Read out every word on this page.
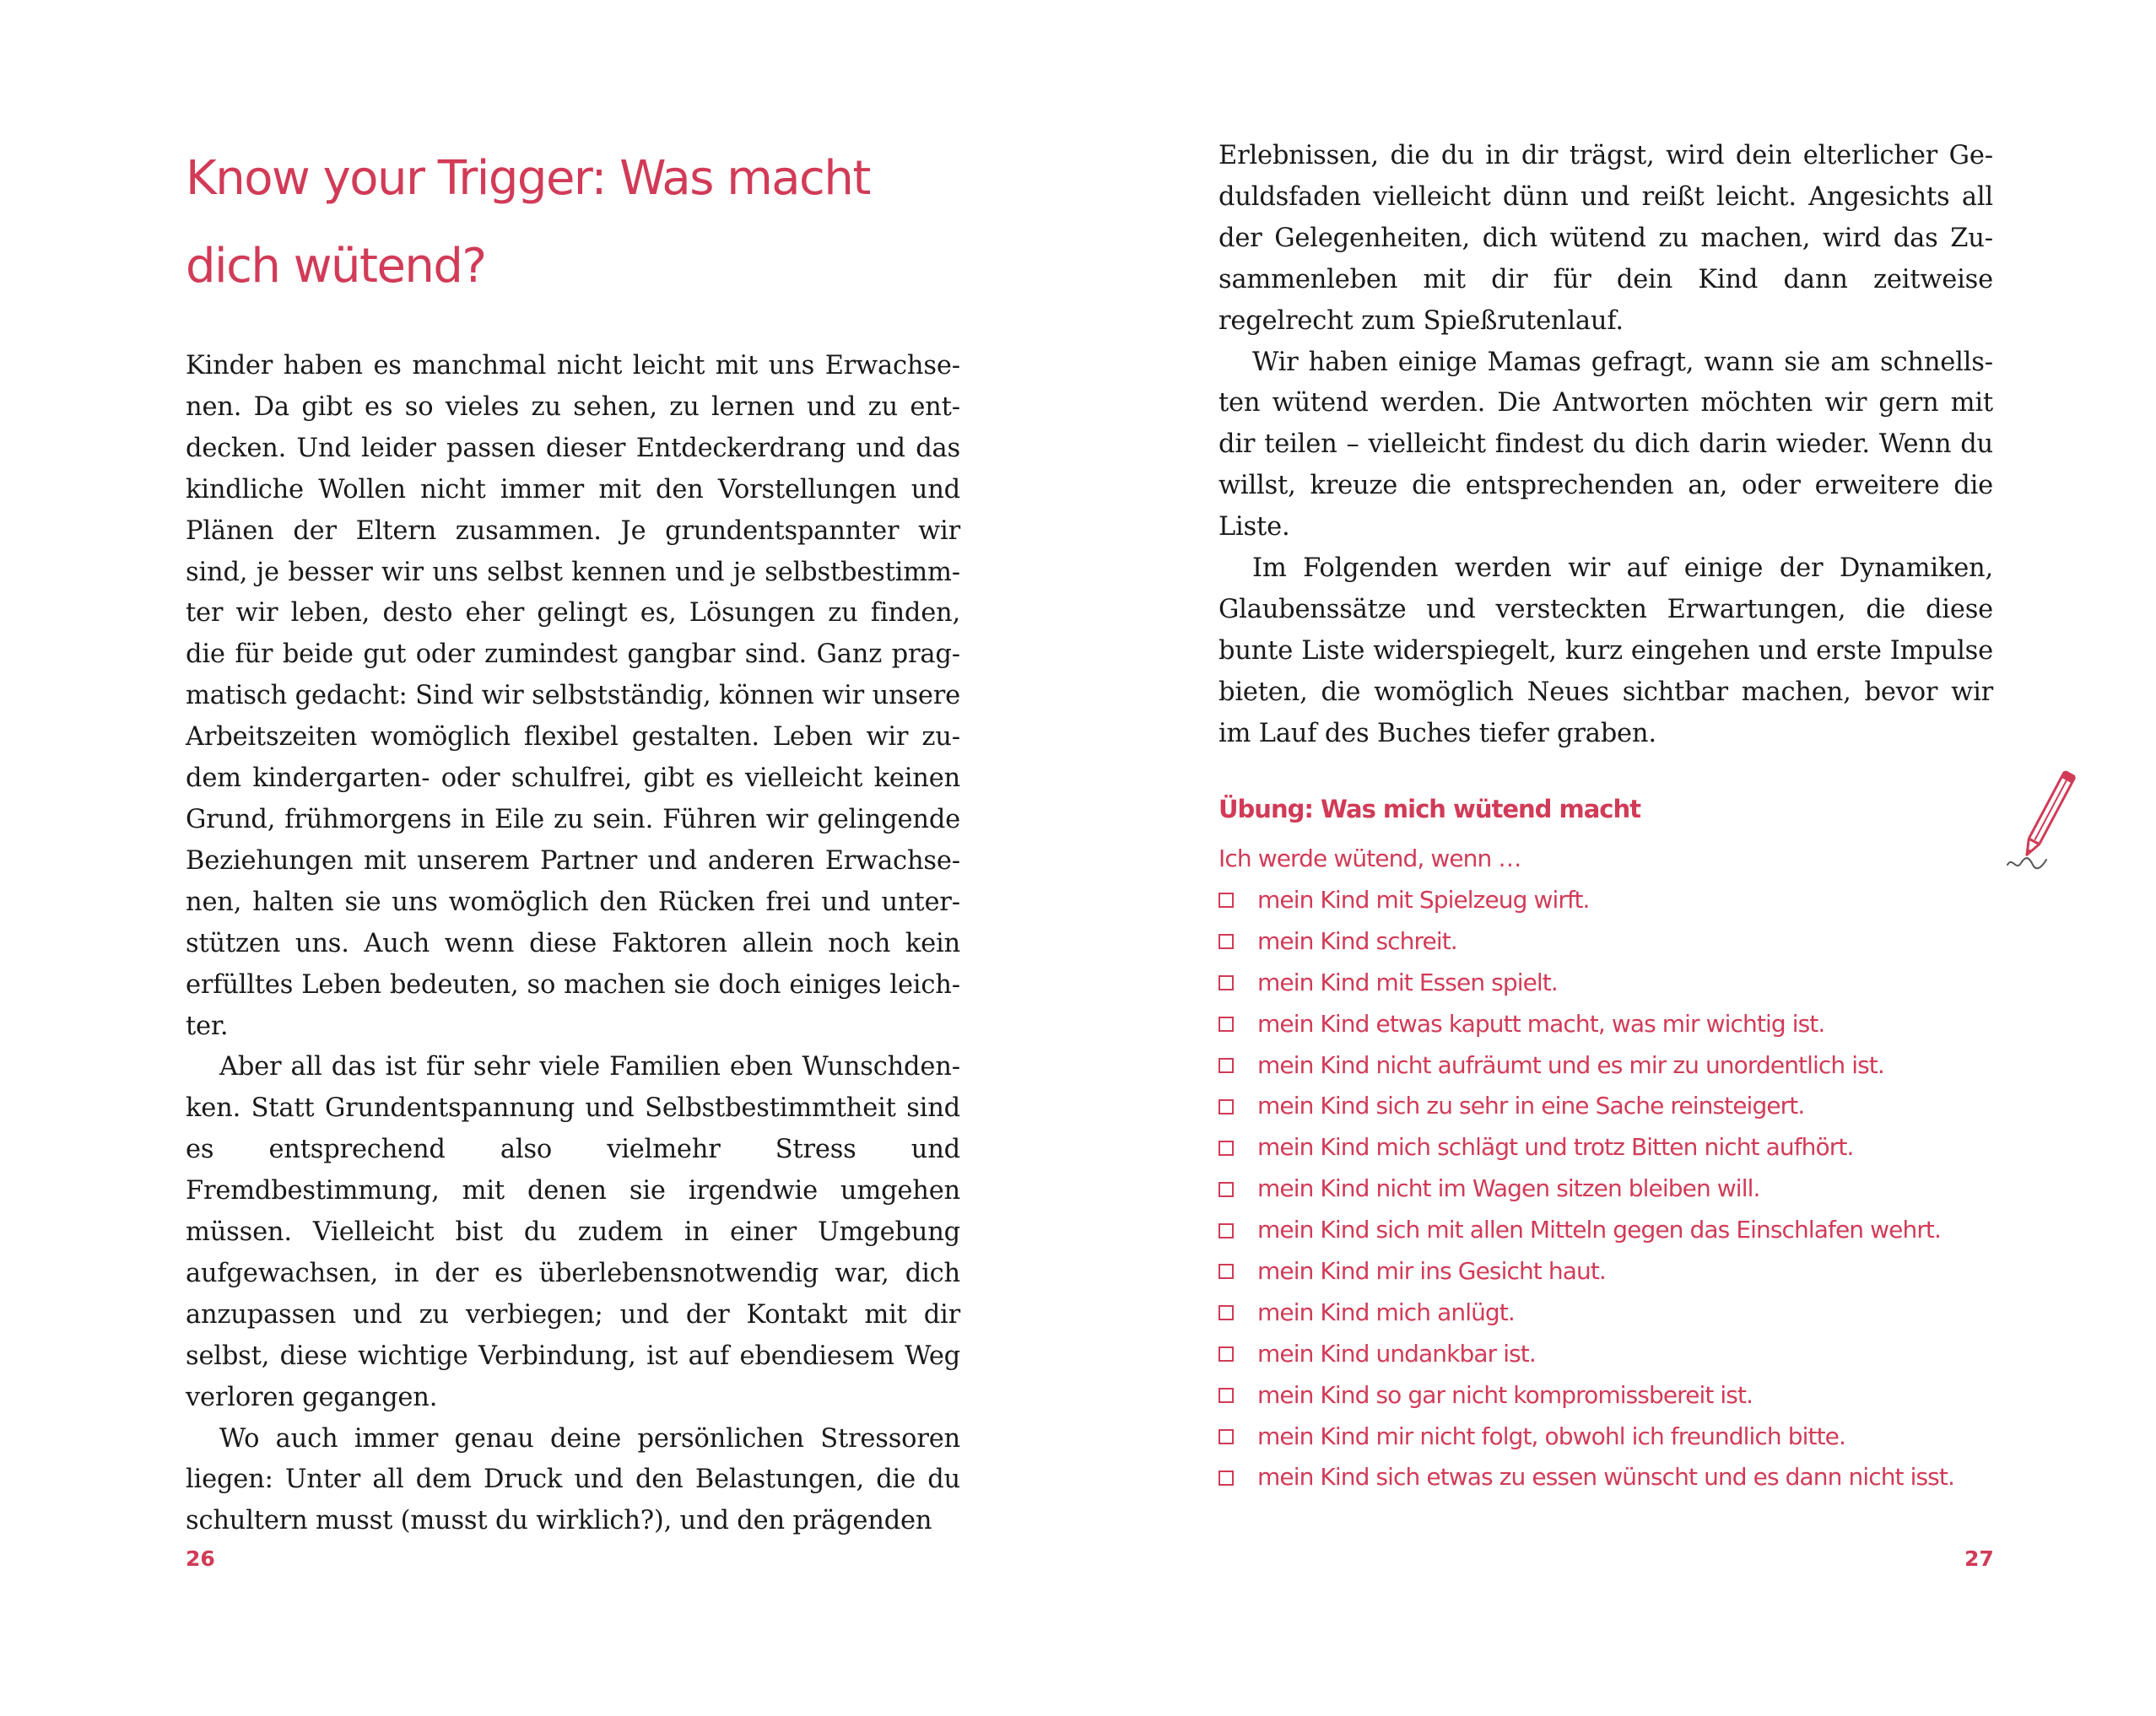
Know your Trigger: Was macht
dich wütend?

Kinder haben es manchmal nicht leicht mit uns Erwachsenen. Da gibt es so vieles zu sehen, zu lernen und zu entdecken. Und leider passen dieser Entdeckerdrang und das kindliche Wollen nicht immer mit den Vorstellungen und Plänen der Eltern zusammen. Je grundentspannter wir sind, je besser wir uns selbst kennen und je selbstbestimmter wir leben, desto eher gelingt es, Lösungen zu finden, die für beide gut oder zumindest gangbar sind. Ganz pragmatisch gedacht: Sind wir selbstständig, können wir unsere Arbeitszeiten womöglich flexibel gestalten. Leben wir zudem kindergarten- oder schulfrei, gibt es vielleicht keinen Grund, frühmorgens in Eile zu sein. Führen wir gelingende Beziehungen mit unserem Partner und anderen Erwachsenen, halten sie uns womöglich den Rücken frei und unterstützen uns. Auch wenn diese Faktoren allein noch kein erfülltes Leben bedeuten, so machen sie doch einiges leichter.

Aber all das ist für sehr viele Familien eben Wunschdenken. Statt Grundentspannung und Selbstbestimmtheit sind es entsprechend also vielmehr Stress und Fremdbestimmung, mit denen sie irgendwie umgehen müssen. Vielleicht bist du zudem in einer Umgebung aufgewachsen, in der es überlebensnotwendig war, dich anzupassen und zu verbiegen; und der Kontakt mit dir selbst, diese wichtige Verbindung, ist auf ebendiesem Weg verloren gegangen.

Wo auch immer genau deine persönlichen Stressoren liegen: Unter all dem Druck und den Belastungen, die du schultern musst (musst du wirklich?), und den prägenden

26

Erlebnissen, die du in dir trägst, wird dein elterlicher Geduldsfaden vielleicht dünn und reißt leicht. Angesichts all der Gelegenheiten, dich wütend zu machen, wird das Zusammenleben mit dir für dein Kind dann zeitweise regelrecht zum Spießrutenlauf.

Wir haben einige Mamas gefragt, wann sie am schnellsten wütend werden. Die Antworten möchten wir gern mit dir teilen – vielleicht findest du dich darin wieder. Wenn du willst, kreuze die entsprechenden an, oder erweitere die Liste.

Im Folgenden werden wir auf einige der Dynamiken, Glaubenssätze und versteckten Erwartungen, die diese bunte Liste widerspiegelt, kurz eingehen und erste Impulse bieten, die womöglich Neues sichtbar machen, bevor wir im Lauf des Buches tiefer graben.

Übung: Was mich wütend macht
Ich werde wütend, wenn …
mein Kind mit Spielzeug wirft.
mein Kind schreit.
mein Kind mit Essen spielt.
mein Kind etwas kaputt macht, was mir wichtig ist.
mein Kind nicht aufräumt und es mir zu unordentlich ist.
mein Kind sich zu sehr in eine Sache reinsteigert.
mein Kind mich schlägt und trotz Bitten nicht aufhört.
mein Kind nicht im Wagen sitzen bleiben will.
mein Kind sich mit allen Mitteln gegen das Einschlafen wehrt.
mein Kind mir ins Gesicht haut.
mein Kind mich anlügt.
mein Kind undankbar ist.
mein Kind so gar nicht kompromissbereit ist.
mein Kind mir nicht folgt, obwohl ich freundlich bitte.
mein Kind sich etwas zu essen wünscht und es dann nicht isst.
27
